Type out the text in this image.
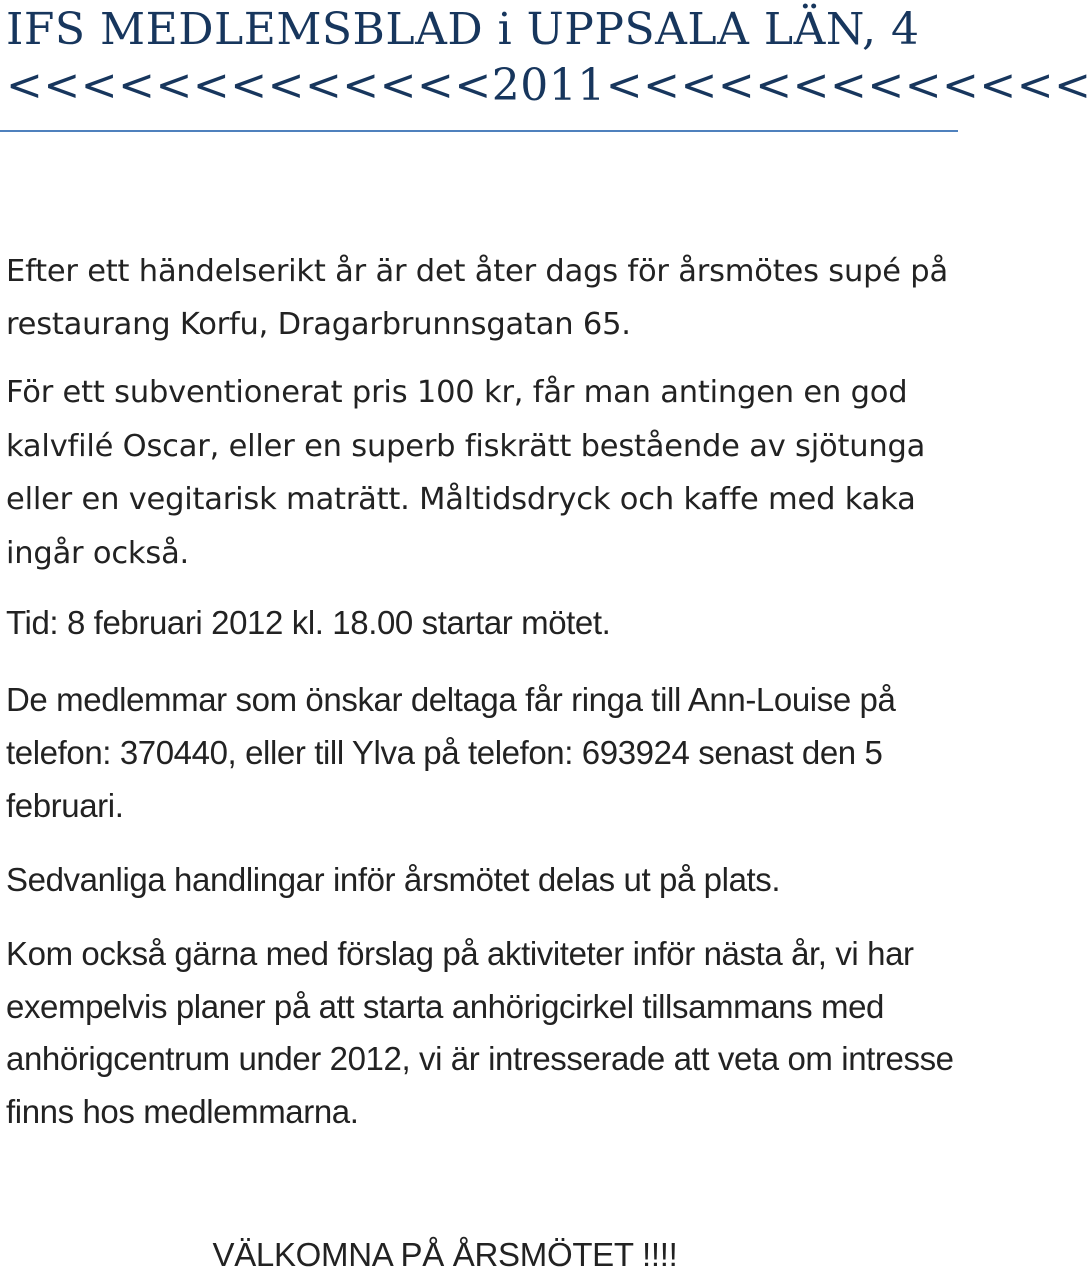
IFS MEDLEMSBLAD i UPPSALA LÄN, 4
<<<<<<<<<<<<<2011<<<<<<<<<<<<<

Efter ett händelserikt år är det åter dags för årsmötes supé på restaurang Korfu, Dragarbrunnsgatan 65.

För ett subventionerat pris 100 kr, får man antingen en god kalvfilé Oscar, eller en superb fiskrätt bestående av sjötunga eller en vegitarisk maträtt. Måltidsdryck och kaffe med kaka ingår också.

Tid: 8 februari 2012 kl. 18.00 startar mötet.

De medlemmar som önskar deltaga får ringa till Ann-Louise på telefon: 370440, eller till Ylva på telefon: 693924 senast den 5 februari.

Sedvanliga handlingar inför årsmötet delas ut på plats.

Kom också gärna med förslag på aktiviteter inför nästa år, vi har exempelvis planer på att starta anhörigcirkel tillsammans med anhörigcentrum under 2012, vi är intresserade att veta om intresse finns hos medlemmarna.

VÄLKOMNA PÅ ÅRSMÖTET !!!!
